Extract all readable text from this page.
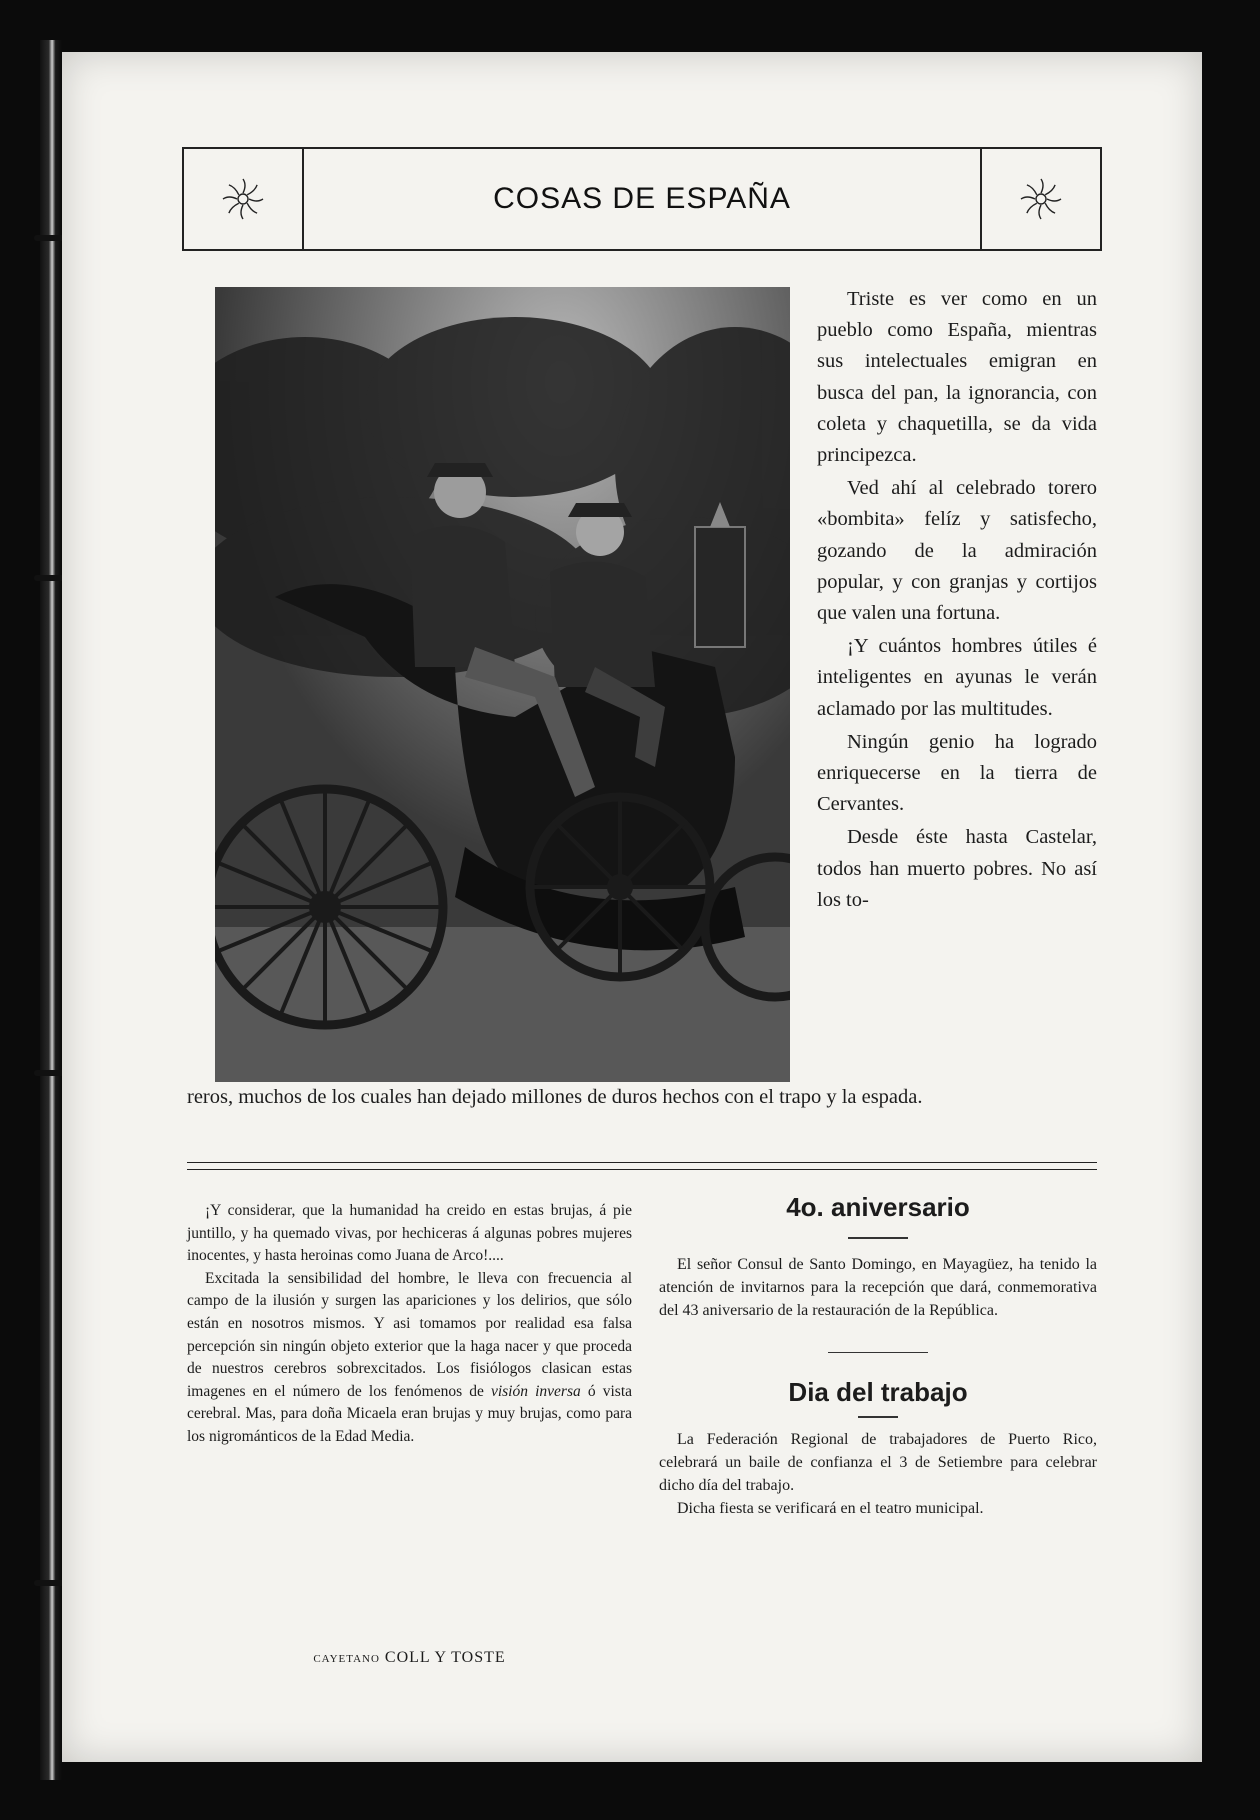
COSAS DE ESPAÑA

Triste es ver como en un pueblo como España, mientras sus intelectuales emigran en busca del pan, la ignorancia, con coleta y chaquetilla, se da vida principezca.

Ved ahí al celebrado torero «bombita» felíz y satisfecho, gozando de la admiración popular, y con granjas y cortijos que valen una fortuna.

¡Y cuántos hombres útiles é inteligentes en ayunas le verán aclamado por las multitudes.

Ningún genio ha logrado enriquecerse en la tierra de Cervantes.

Desde éste hasta Castelar, todos han muerto pobres. No así los to-

reros, muchos de los cuales han dejado millones de duros hechos con el trapo y la espada.

¡Y considerar, que la humanidad ha creido en estas brujas, á pie juntillo, y ha quemado vivas, por hechiceras á algunas pobres mujeres inocentes, y hasta heroinas como Juana de Arco!....

Excitada la sensibilidad del hombre, le lleva con frecuencia al campo de la ilusión y surgen las apariciones y los delirios, que sólo están en nosotros mismos. Y asi tomamos por realidad esa falsa percepción sin ningún objeto exterior que la haga nacer y que proceda de nuestros cerebros sobrexcitados. Los fisiólogos clasican estas imagenes en el número de los fenómenos de visión inversa ó vista cerebral. Mas, para doña Micaela eran brujas y muy brujas, como para los nigrománticos de la Edad Media.

CAYETANO COLL Y TOSTE
4o. aniversario

El señor Consul de Santo Domingo, en Mayagüez, ha tenido la atención de invitarnos para la recepción que dará, conmemorativa del 43 aniversario de la restauración de la República.

Dia del trabajo

La Federación Regional de trabajadores de Puerto Rico, celebrará un baile de confianza el 3 de Setiembre para celebrar dicho día del trabajo.

Dicha fiesta se verificará en el teatro municipal.
